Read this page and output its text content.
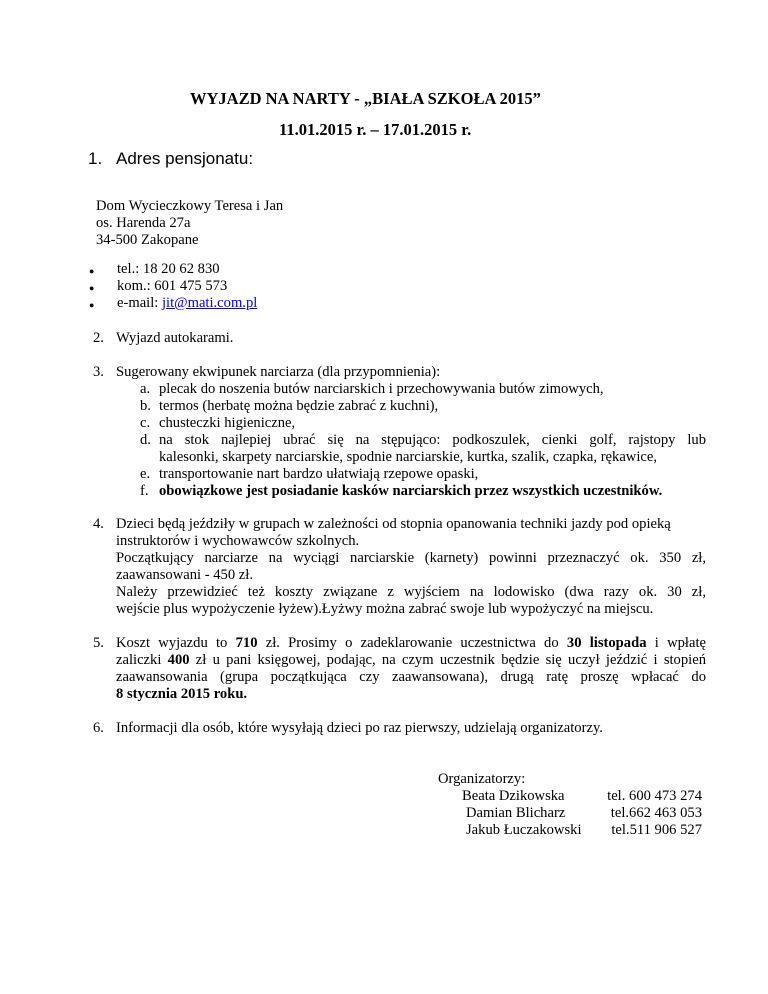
WYJAZD NA NARTY - „BIAŁA SZKOŁA 2015”
11.01.2015 r. – 17.01.2015 r.
1. Adres pensjonatu:
Dom Wycieczkowy Teresa i Jan
os. Harenda 27a
34-500 Zakopane
● tel.: 18 20 62 830
● kom.: 601 475 573
● e-mail: jit@mati.com.pl
2. Wyjazd autokarami.
3. Sugerowany ekwipunek narciarza (dla przypomnienia):
a. plecak do noszenia butów narciarskich i przechowywania butów zimowych,
b. termos (herbatę można będzie zabrać z kuchni),
c. chusteczki higieniczne,
d. na stok najlepiej ubrać się na stępująco: podkoszulek, cienki golf, rajstopy lub
kalesonki, skarpety narciarskie, spodnie narciarskie, kurtka, szalik, czapka, rękawice,
e. transportowanie nart bardzo ułatwiają rzepowe opaski,
f. obowiązkowe jest posiadanie kasków narciarskich przez wszystkich uczestników.
4. Dzieci będą jeździły w grupach w zależności od stopnia opanowania techniki jazdy pod opieką
instruktorów i wychowawców szkolnych.
Początkujący narciarze na wyciągi narciarskie (karnety) powinni przeznaczyć ok. 350 zł,
zaawansowani - 450 zł.
Należy przewidzieć też koszty związane z wyjściem na lodowisko (dwa razy ok. 30 zł,
wejście plus wypożyczenie łyżew).Łyżwy można zabrać swoje lub wypożyczyć na miejscu.
5. Koszt wyjazdu to 710 zł. Prosimy o zadeklarowanie uczestnictwa do 30 listopada i wpłatę
zaliczki 400 zł u pani księgowej, podając, na czym uczestnik będzie się uczył jeździć i stopień
zaawansowania (grupa początkująca czy zaawansowana), drugą ratę proszę wpłacać do
8 stycznia 2015 roku.
6. Informacji dla osób, które wysyłają dzieci po raz pierwszy, udzielają organizatorzy.
Organizatorzy:
Beata Dzikowska	tel. 600 473 274
Damian Blicharz	tel.662 463 053
Jakub Łuczakowski tel.511 906 527
